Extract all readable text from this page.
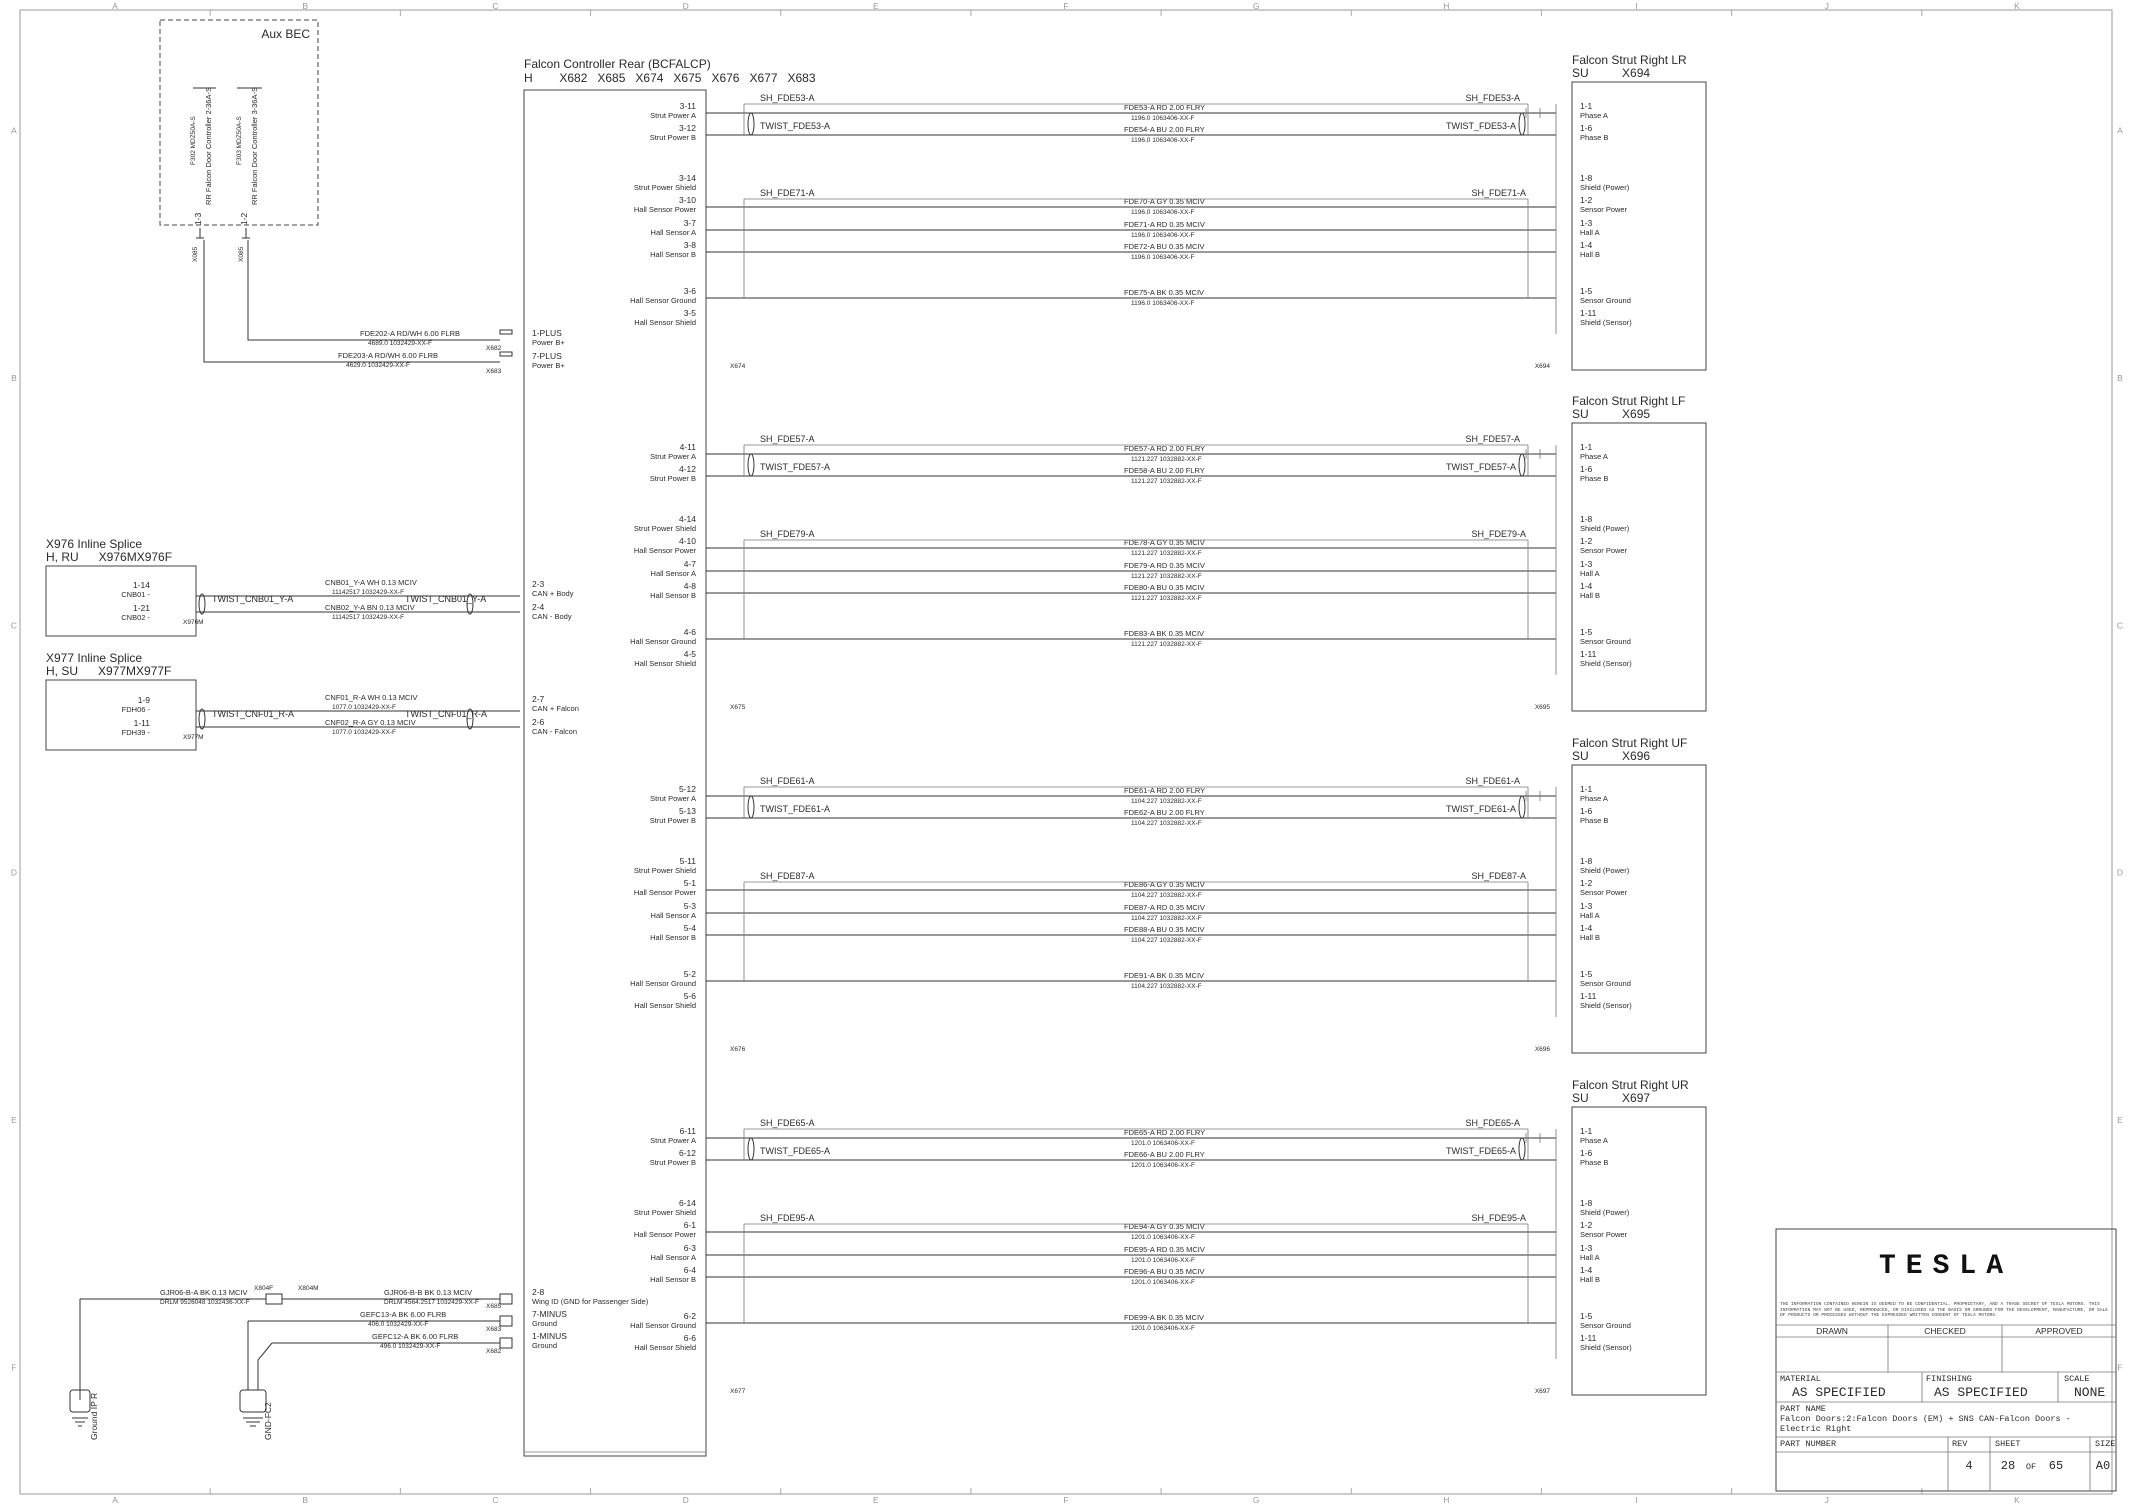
A
A
B
B
C
C
D
D
E
E
F
F
G
G
H
H
I
I
J
J
K
K
A	A
B	B
C	C
D	D
E	E
F	F
Aux BEC
1-3
RR Falcon Door Controller 2-36A-S
F302 MDZ50A-S
1-2
RR Falcon Door Controller 3-36A-S
F303 MDZ50A-S
X085	X085
FDE202-A RD/WH 6.00 FLRB
4689.0 1032429-XX-F
FDE203-A RD/WH 6.00 FLRB
4629.0 1032429-XX-F
Falcon Controller Rear (BCFALCP)
H        X682   X685   X674   X675   X676   X677   X683
1-PLUS
Power B+
X682
7-PLUS
Power B+
X683
2-3
CAN + Body
2-4
CAN - Body
2-7
CAN + Falcon
2-6
CAN - Falcon
2-8
Wing ID (GND for Passenger Side)
X685
7-MINUS
Ground
X683
1-MINUS
Ground
X682
X976 Inline Splice
H, RU      X976MX976F
1-14
CNB01 -
1-21
CNB02 -
TWIST_CNB01_Y-A	TWIST_CNB01_Y-A
X976M
CNB01_Y-A WH 0.13 MCIV
11142517 1032429-XX-F
CNB02_Y-A BN 0.13 MCIV
11142517 1032429-XX-F
X977 Inline Splice
H, SU      X977MX977F
1-9
FDH06 -
1-11
FDH39 -
TWIST_CNF01_R-A	TWIST_CNF01_R-A
X977M
CNF01_R-A WH 0.13 MCIV
1077.0 1032429-XX-F
CNF02_R-A GY 0.13 MCIV
1077.0 1032429-XX-F
X804F	X804M
GJR06-B-A BK 0.13 MCIV
DRLM 9526048 1032436-XX-F
GJR06-B-B BK 0.13 MCIV
DRLM 4564.2517 1032429-XX-F
GEFC13-A BK 6.00 FLRB
406.0 1032429-XX-F
GEFC12-A BK 6.00 FLRB
496.0 1032429-XX-F
Ground IP R	GND-FC2
Falcon Strut Right LR
SU          X694
3-11
Strut Power A
3-12
Strut Power B
3-14
Strut Power Shield
3-10
Hall Sensor Power
3-7
Hall Sensor A
3-8
Hall Sensor B
3-6
Hall Sensor Ground
3-5
Hall Sensor Shield
1-1
Phase A
1-6
Phase B
1-8
Shield (Power)
1-2
Sensor Power
1-3
Hall A
1-4
Hall B
1-5
Sensor Ground
1-11
Shield (Sensor)
FDE53-A RD 2.00 FLRY
1196.0 1063406-XX-F
FDE54-A BU 2.00 FLRY
1196.0 1063406-XX-F
FDE70-A GY 0.35 MCIV
1196.0 1063406-XX-F
FDE71-A RD 0.35 MCIV
1196.0 1063406-XX-F
FDE72-A BU 0.35 MCIV
1196.0 1063406-XX-F
FDE75-A BK 0.35 MCIV
1196.0 1063406-XX-F
SH_FDE53-A	SH_FDE53-A
TWIST_FDE53-A	TWIST_FDE53-A
SH_FDE71-A	SH_FDE71-A
X674	X694
Falcon Strut Right LF
SU          X695
4-11
Strut Power A
4-12
Strut Power B
4-14
Strut Power Shield
4-10
Hall Sensor Power
4-7
Hall Sensor A
4-8
Hall Sensor B
4-6
Hall Sensor Ground
4-5
Hall Sensor Shield
1-1
Phase A
1-6
Phase B
1-8
Shield (Power)
1-2
Sensor Power
1-3
Hall A
1-4
Hall B
1-5
Sensor Ground
1-11
Shield (Sensor)
FDE57-A RD 2.00 FLRY
1121.227 1032882-XX-F
FDE58-A BU 2.00 FLRY
1121.227 1032882-XX-F
FDE78-A GY 0.35 MCIV
1121.227 1032882-XX-F
FDE79-A RD 0.35 MCIV
1121.227 1032882-XX-F
FDE80-A BU 0.35 MCIV
1121.227 1032882-XX-F
FDE83-A BK 0.35 MCIV
1121.227 1032882-XX-F
SH_FDE57-A	SH_FDE57-A
TWIST_FDE57-A	TWIST_FDE57-A
SH_FDE79-A	SH_FDE79-A
X675	X695
Falcon Strut Right UF
SU          X696
5-12
Strut Power A
5-13
Strut Power B
5-11
Strut Power Shield
5-1
Hall Sensor Power
5-3
Hall Sensor A
5-4
Hall Sensor B
5-2
Hall Sensor Ground
5-6
Hall Sensor Shield
1-1
Phase A
1-6
Phase B
1-8
Shield (Power)
1-2
Sensor Power
1-3
Hall A
1-4
Hall B
1-5
Sensor Ground
1-11
Shield (Sensor)
FDE61-A RD 2.00 FLRY
1104.227 1032882-XX-F
FDE62-A BU 2.00 FLRY
1104.227 1032882-XX-F
FDE86-A GY 0.35 MCIV
1104.227 1032882-XX-F
FDE87-A RD 0.35 MCIV
1104.227 1032882-XX-F
FDE88-A BU 0.35 MCIV
1104.227 1032882-XX-F
FDE91-A BK 0.35 MCIV
1104.227 1032882-XX-F
SH_FDE61-A	SH_FDE61-A
TWIST_FDE61-A	TWIST_FDE61-A
SH_FDE87-A	SH_FDE87-A
X676	X696
Falcon Strut Right UR
SU          X697
6-11
Strut Power A
6-12
Strut Power B
6-14
Strut Power Shield
6-1
Hall Sensor Power
6-3
Hall Sensor A
6-4
Hall Sensor B
6-2
Hall Sensor Ground
6-6
Hall Sensor Shield
1-1
Phase A
1-6
Phase B
1-8
Shield (Power)
1-2
Sensor Power
1-3
Hall A
1-4
Hall B
1-5
Sensor Ground
1-11
Shield (Sensor)
FDE65-A RD 2.00 FLRY
1201.0 1063406-XX-F
FDE66-A BU 2.00 FLRY
1201.0 1063406-XX-F
FDE94-A GY 0.35 MCIV
1201.0 1063406-XX-F
FDE95-A RD 0.35 MCIV
1201.0 1063406-XX-F
FDE96-A BU 0.35 MCIV
1201.0 1063406-XX-F
FDE99-A BK 0.35 MCIV
1201.0 1063406-XX-F
SH_FDE65-A	SH_FDE65-A
TWIST_FDE65-A	TWIST_FDE65-A
SH_FDE95-A	SH_FDE95-A
X677	X697
TESLA
THE INFORMATION CONTAINED HEREIN IS DEEMED TO BE CONFIDENTIAL, PROPRIETARY, AND A TRADE SECRET OF TESLA MOTORS. THIS INFORMATION MAY NOT BE USED, REPRODUCED, OR DISCLOSED AS THE BASIS OR GROUNDS FOR THE DEVELOPMENT, MANUFACTURE, OR SALE OF PRODUCTS OR PROCESSES WITHOUT THE EXPRESSED WRITTEN CONSENT OF TESLA MOTORS.
DRAWN	CHECKED	APPROVED
MATERIAL
AS SPECIFIED
FINISHING
AS SPECIFIED
SCALE
NONE
PART NAME
Falcon Doors:2:Falcon Doors (EM) + SNS CAN-Falcon Doors -
Electric Right
PART NUMBER	REV
4
SHEET
28 OF 65
SIZE
A0
